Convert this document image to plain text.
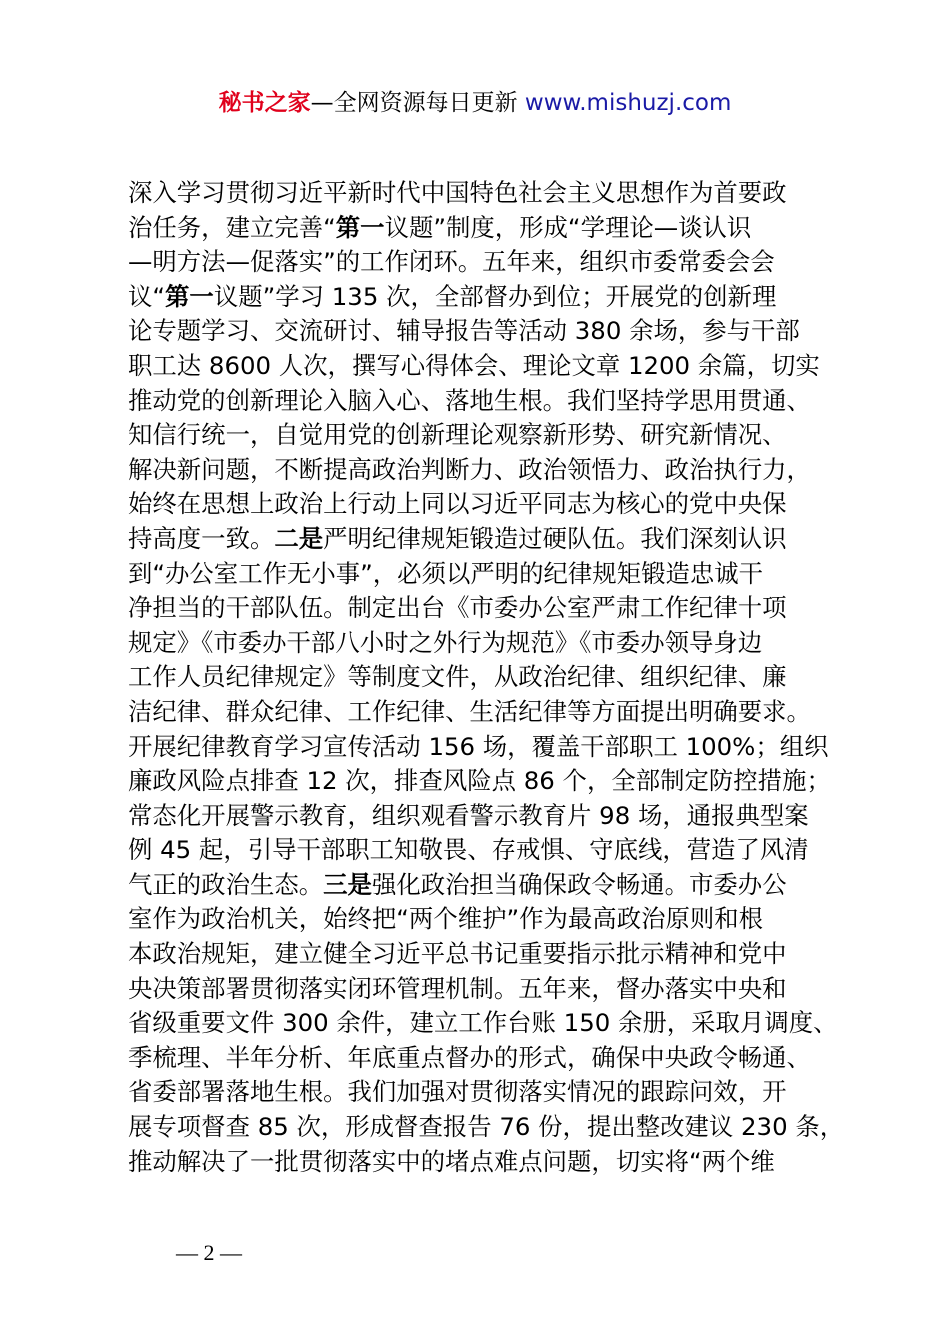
秘书之家—全网资源每日更新 www.mishuzj.com
深入学习贯彻习近平新时代中国特色社会主义思想作为首要政
治任务，建立完善“第一议题”制度，形成“学理论—谈认识
—明方法—促落实”的工作闭环。五年来，组织市委常委会会
议“第一议题”学习 135 次，全部督办到位；开展党的创新理
论专题学习、交流研讨、辅导报告等活动 380 余场，参与干部
职工达 8600 人次，撰写心得体会、理论文章 1200 余篇，切实
推动党的创新理论入脑入心、落地生根。我们坚持学思用贯通、
知信行统一，自觉用党的创新理论观察新形势、研究新情况、
解决新问题，不断提高政治判断力、政治领悟力、政治执行力，
始终在思想上政治上行动上同以习近平同志为核心的党中央保
持高度一致。二是严明纪律规矩锻造过硬队伍。我们深刻认识
到“办公室工作无小事”，必须以严明的纪律规矩锻造忠诚干
净担当的干部队伍。制定出台《市委办公室严肃工作纪律十项
规定》《市委办干部八小时之外行为规范》《市委办领导身边
工作人员纪律规定》等制度文件，从政治纪律、组织纪律、廉
洁纪律、群众纪律、工作纪律、生活纪律等方面提出明确要求。
开展纪律教育学习宣传活动 156 场，覆盖干部职工 100%；组织
廉政风险点排查 12 次，排查风险点 86 个，全部制定防控措施；
常态化开展警示教育，组织观看警示教育片 98 场，通报典型案
例 45 起，引导干部职工知敬畏、存戒惧、守底线，营造了风清
气正的政治生态。三是强化政治担当确保政令畅通。市委办公
室作为政治机关，始终把“两个维护”作为最高政治原则和根
本政治规矩，建立健全习近平总书记重要指示批示精神和党中
央决策部署贯彻落实闭环管理机制。五年来，督办落实中央和
省级重要文件 300 余件，建立工作台账 150 余册，采取月调度、
季梳理、半年分析、年底重点督办的形式，确保中央政令畅通、
省委部署落地生根。我们加强对贯彻落实情况的跟踪问效，开
展专项督查 85 次，形成督查报告 76 份，提出整改建议 230 条，
推动解决了一批贯彻落实中的堵点难点问题，切实将“两个维
— 2 —
